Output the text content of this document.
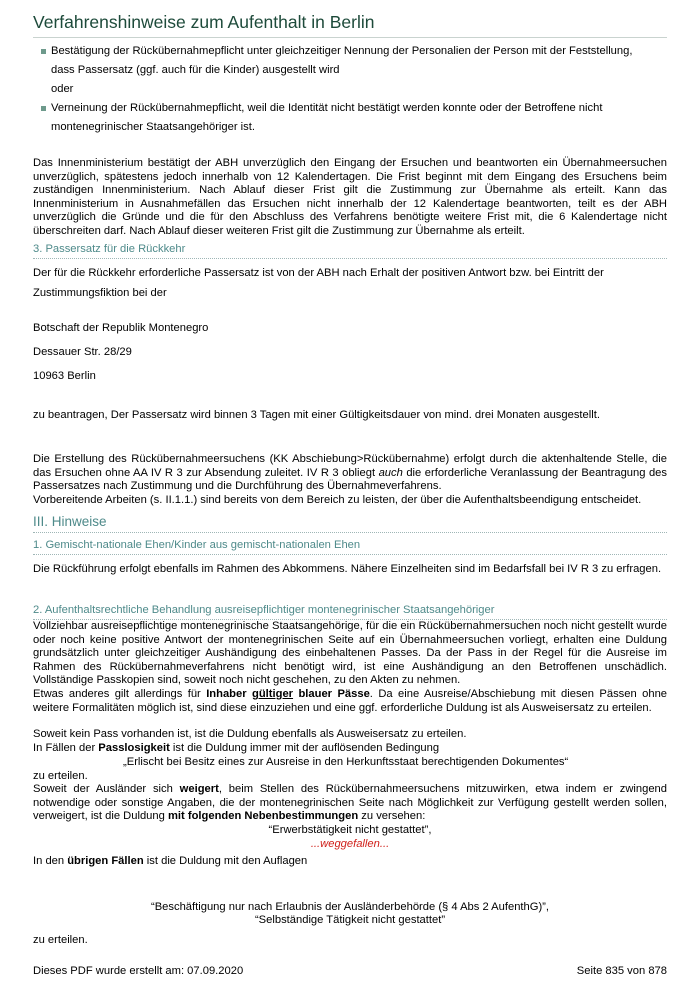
Verfahrenshinweise zum Aufenthalt in Berlin
Bestätigung der Rückübernahmepflicht unter gleichzeitiger Nennung der Personalien der Person mit der Feststellung,
dass Passersatz (ggf. auch für die Kinder) ausgestellt wird
oder
Verneinung der Rückübernahmepflicht, weil die Identität nicht bestätigt werden konnte oder der Betroffene nicht
montenegrinischer Staatsangehöriger ist.
Das Innenministerium bestätigt der ABH unverzüglich den Eingang der Ersuchen und beantworten ein Übernahmeersuchen unverzüglich, spätestens jedoch innerhalb von 12 Kalendertagen. Die Frist beginnt mit dem Eingang des Ersuchens beim zuständigen Innenministerium. Nach Ablauf dieser Frist gilt die Zustimmung zur Übernahme als erteilt. Kann das Innenministerium in Ausnahmefällen das Ersuchen nicht innerhalb der 12 Kalendertage beantworten, teilt es der ABH unverzüglich die Gründe und die für den Abschluss des Verfahrens benötigte weitere Frist mit, die 6 Kalendertage nicht überschreiten darf. Nach Ablauf dieser weiteren Frist gilt die Zustimmung zur Übernahme als erteilt.
3. Passersatz für die Rückkehr
Der für die Rückkehr erforderliche Passersatz ist von der ABH nach Erhalt der positiven Antwort bzw. bei Eintritt der Zustimmungsfiktion bei der
Botschaft der Republik Montenegro
Dessauer Str. 28/29
10963 Berlin
zu beantragen, Der Passersatz wird binnen 3 Tagen mit einer Gültigkeitsdauer von mind. drei Monaten ausgestellt.
Die Erstellung des Rückübernahmeersuchens (KK Abschiebung>Rückübernahme) erfolgt durch die aktenhaltende Stelle, die das Ersuchen ohne AA IV R 3 zur Absendung zuleitet. IV R 3 obliegt auch die erforderliche Veranlassung der Beantragung des Passersatzes nach Zustimmung und die Durchführung des Übernahmeverfahrens.
Vorbereitende Arbeiten (s. II.1.1.) sind bereits von dem Bereich zu leisten, der über die Aufenthaltsbeendigung entscheidet.
III. Hinweise
1. Gemischt-nationale Ehen/Kinder aus gemischt-nationalen Ehen
Die Rückführung erfolgt ebenfalls im Rahmen des Abkommens. Nähere Einzelheiten sind im Bedarfsfall bei IV R 3 zu erfragen.
2. Aufenthaltsrechtliche Behandlung ausreisepflichtiger montenegrinischer Staatsangehöriger
Vollziehbar ausreisepflichtige montenegrinische Staatsangehörige, für die ein Rückübernahmersuchen noch nicht gestellt wurde oder noch keine positive Antwort der montenegrinischen Seite auf ein Übernahmeersuchen vorliegt, erhalten eine Duldung grundsätzlich unter gleichzeitiger Aushändigung des einbehaltenen Passes. Da der Pass in der Regel für die Ausreise im Rahmen des Rückübernahmeverfahrens nicht benötigt wird, ist eine Aushändigung an den Betroffenen unschädlich. Vollständige Passkopien sind, soweit noch nicht geschehen, zu den Akten zu nehmen.
Etwas anderes gilt allerdings für Inhaber gültiger blauer Pässe. Da eine Ausreise/Abschiebung mit diesen Pässen ohne weitere Formalitäten möglich ist, sind diese einzuziehen und eine ggf. erforderliche Duldung ist als Ausweisersatz zu erteilen.
Soweit kein Pass vorhanden ist, ist die Duldung ebenfalls als Ausweisersatz zu erteilen.
In Fällen der Passlosigkeit ist die Duldung immer mit der auflösenden Bedingung
„Erlischt bei Besitz eines zur Ausreise in den Herkunftsstaat berechtigenden Dokumentes“
zu erteilen.
Soweit der Ausländer sich weigert, beim Stellen des Rückübernahmeersuchens mitzuwirken, etwa indem er zwingend notwendige oder sonstige Angaben, die der montenegrinischen Seite nach Möglichkeit zur Verfügung gestellt werden sollen, verweigert, ist die Duldung mit folgenden Nebenbestimmungen zu versehen:
“Erwerbstätigkeit nicht gestattet”,
...weggefallen...
In den übrigen Fällen ist die Duldung mit den Auflagen
“Beschäftigung nur nach Erlaubnis der Ausländerbehörde (§ 4 Abs 2 AufenthG)”,
“Selbständige Tätigkeit nicht gestattet”
zu erteilen.
Dieses PDF wurde erstellt am: 07.09.2020	Seite 835 von 878
